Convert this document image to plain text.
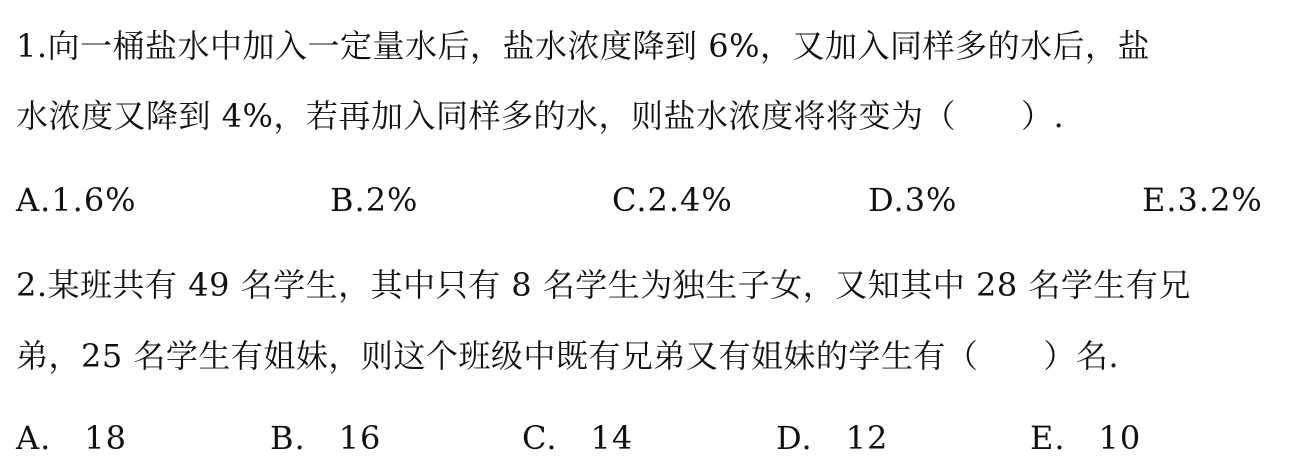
1.向一桶盐水中加入一定量水后，盐水浓度降到 6%，又加入同样多的水后，盐
水浓度又降到 4%，若再加入同样多的水，则盐水浓度将将变为（　　）.
A.1.6%	B.2%	C.2.4%	D.3%	E.3.2%
2.某班共有 49 名学生，其中只有 8 名学生为独生子女，又知其中 28 名学生有兄
弟，25 名学生有姐妹，则这个班级中既有兄弟又有姐妹的学生有（　　）名.
A.　18	B.　16	C.　14	D.　12	E.　10
